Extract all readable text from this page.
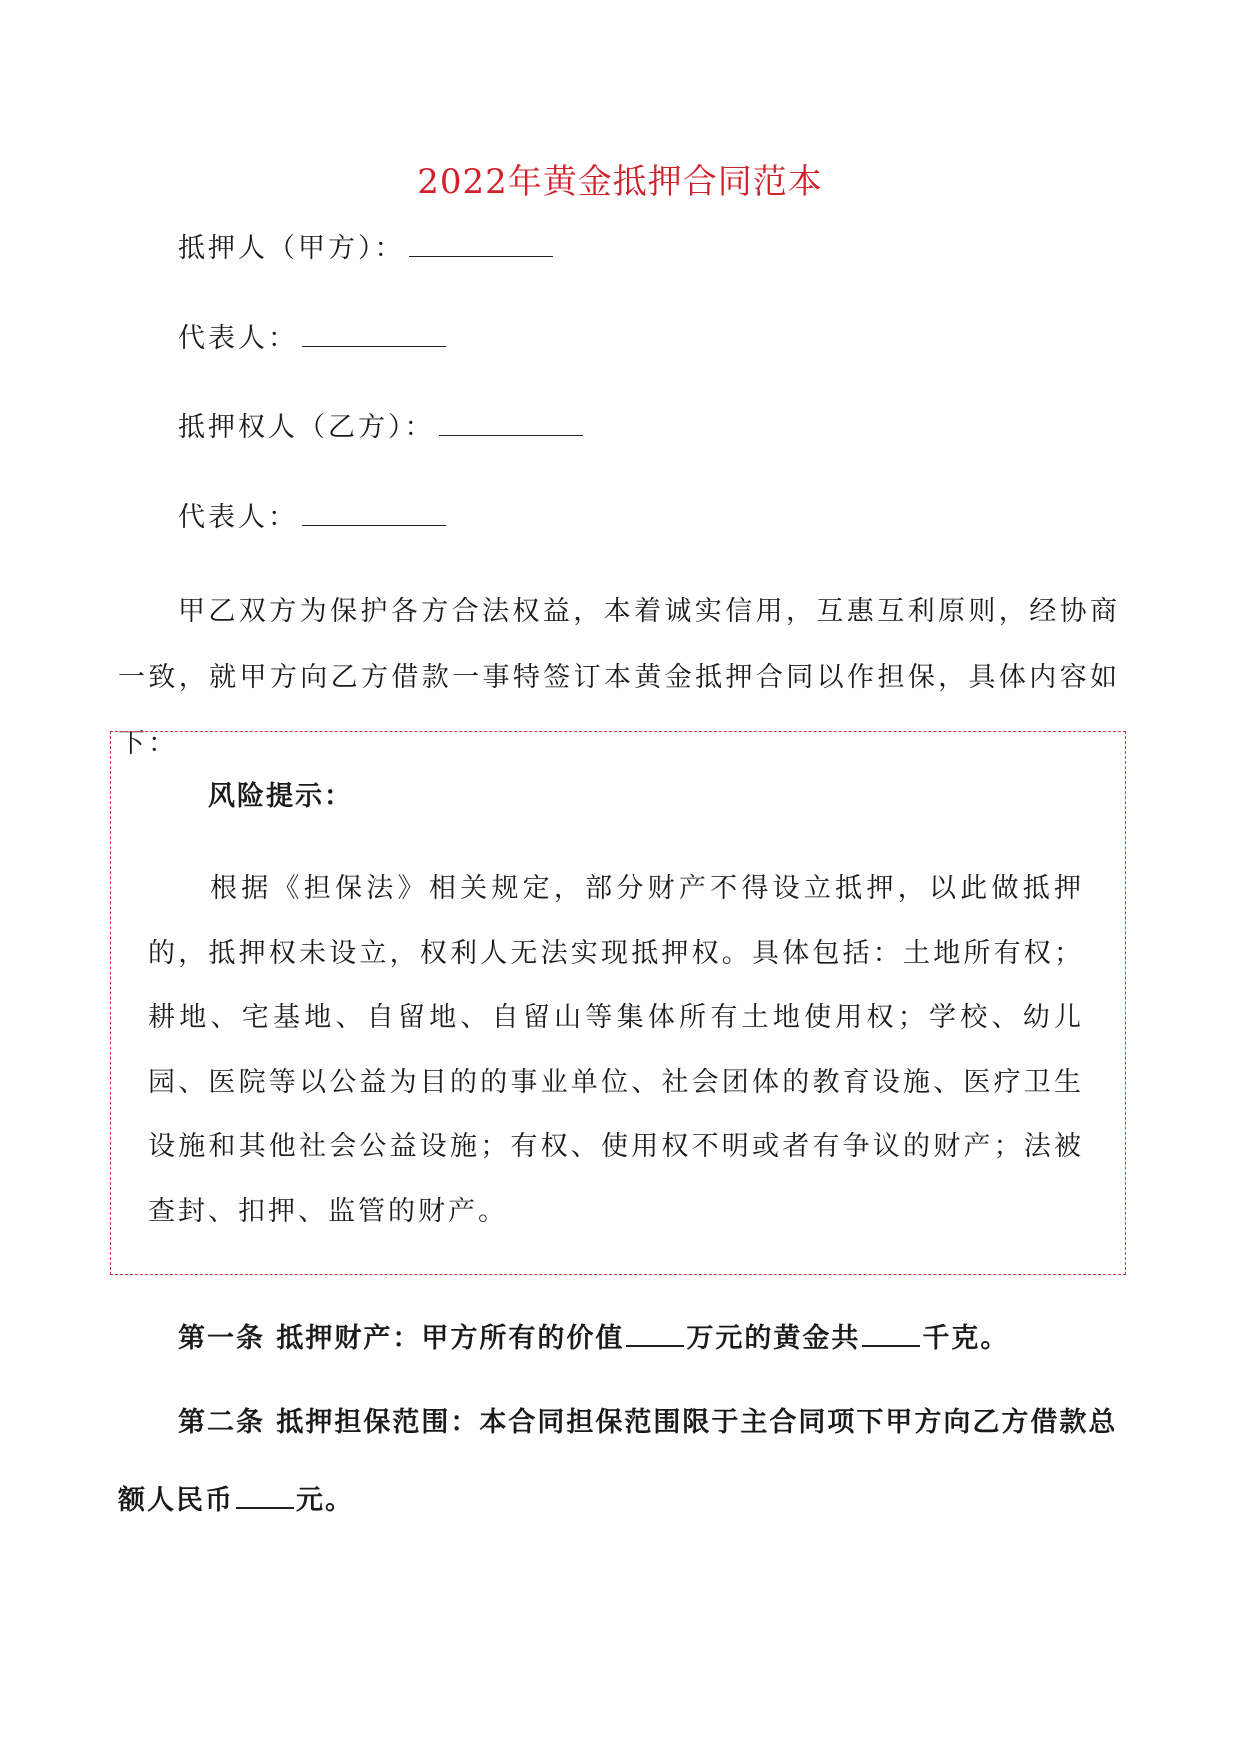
2022年黄金抵押合同范本
抵押人（甲方）：
代表人：
抵押权人（乙方）：
代表人：
甲乙双方为保护各方合法权益，本着诚实信用，互惠互利原则，经协商一致，就甲方向乙方借款一事特签订本黄金抵押合同以作担保，具体内容如下：
风险提示：
根据《担保法》相关规定，部分财产不得设立抵押，以此做抵押的，抵押权未设立，权利人无法实现抵押权。具体包括：土地所有权；耕地、宅基地、自留地、自留山等集体所有土地使用权；学校、幼儿园、医院等以公益为目的的事业单位、社会团体的教育设施、医疗卫生设施和其他社会公益设施；有权、使用权不明或者有争议的财产；法被查封、扣押、监管的财产。
第一条 抵押财产：甲方所有的价值 万元的黄金共 千克。
第二条 抵押担保范围：本合同担保范围限于主合同项下甲方向乙方借款总额人民币 元。
